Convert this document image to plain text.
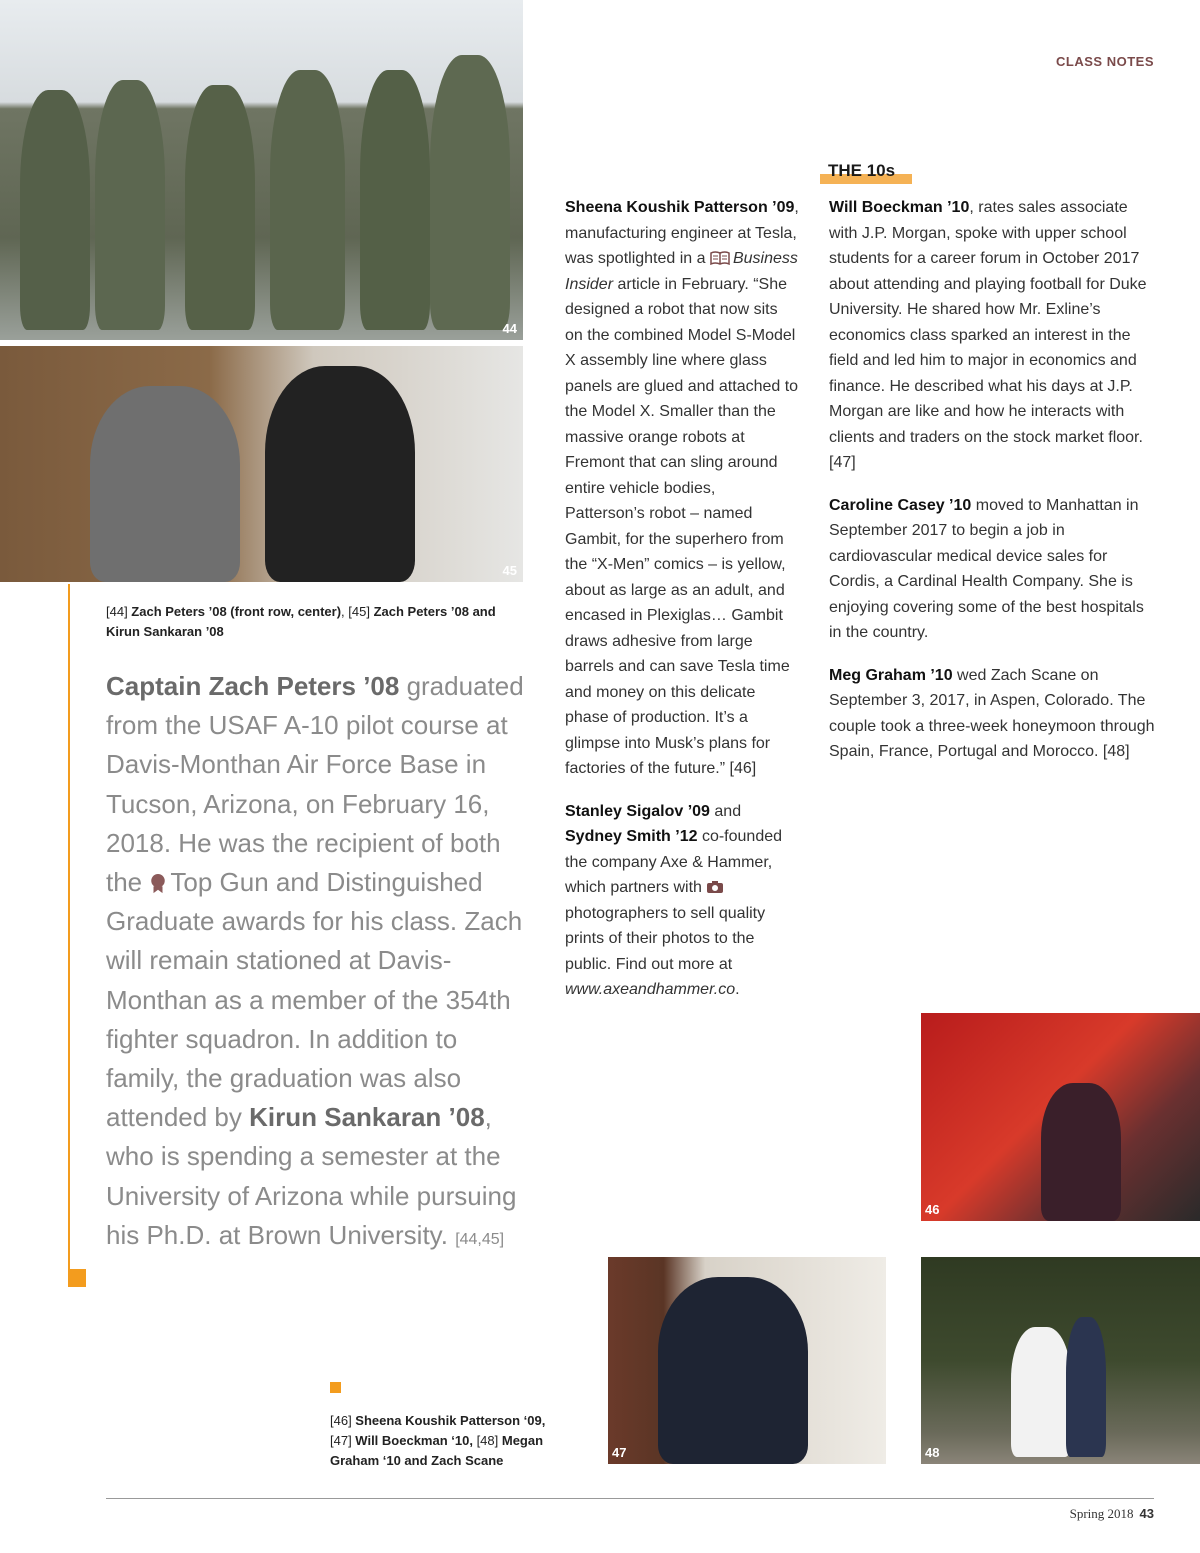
CLASS NOTES
44
45
46
47	48
[44] Zach Peters ’08 (front row, center), [45] Zach Peters ’08 and Kirun Sankaran ’08
Captain Zach Peters ’08 graduated from the USAF A-10 pilot course at Davis-Monthan Air Force Base in Tucson, Arizona, on February 16, 2018. He was the recipient of both the Top Gun and Distinguished Graduate awards for his class. Zach will remain stationed at Davis-Monthan as a member of the 354th fighter squadron. In addition to family, the graduation was also attended by Kirun Sankaran ’08, who is spending a semester at the University of Arizona while pursuing his Ph.D. at Brown University. [44,45]

Sheena Koushik Patterson ’09, manufacturing engineer at Tesla, was spotlighted in a Business Insider article in February. “She designed a robot that now sits on the combined Model S-Model X assembly line where glass panels are glued and attached to the Model X. Smaller than the massive orange robots at Fremont that can sling around entire vehicle bodies, Patterson’s robot – named Gambit, for the superhero from the “X-Men” comics – is yellow, about as large as an adult, and encased in Plexiglas… Gambit draws adhesive from large barrels and can save Tesla time and money on this delicate phase of production. It’s a glimpse into Musk’s plans for factories of the future.” [46]

Stanley Sigalov ’09 and Sydney Smith ’12 co-founded the company Axe & Hammer, which partners with photographers to sell quality prints of their photos to the public. Find out more at www.axeandhammer.co.

THE 10s

Will Boeckman ’10, rates sales associate with J.P. Morgan, spoke with upper school students for a career forum in October 2017 about attending and playing football for Duke University. He shared how Mr. Exline’s economics class sparked an interest in the field and led him to major in economics and finance. He described what his days at J.P. Morgan are like and how he interacts with clients and traders on the stock market floor. [47]

Caroline Casey ’10 moved to Manhattan in September 2017 to begin a job in cardiovascular medical device sales for Cordis, a Cardinal Health Company. She is enjoying covering some of the best hospitals in the country.

Meg Graham ’10 wed Zach Scane on September 3, 2017, in Aspen, Colorado. The couple took a three-week honeymoon through Spain, France, Portugal and Morocco. [48]

[46] Sheena Koushik Patterson ‘09,
[47] Will Boeckman ‘10, [48] Megan Graham ‘10 and Zach Scane
Spring 2018 43
